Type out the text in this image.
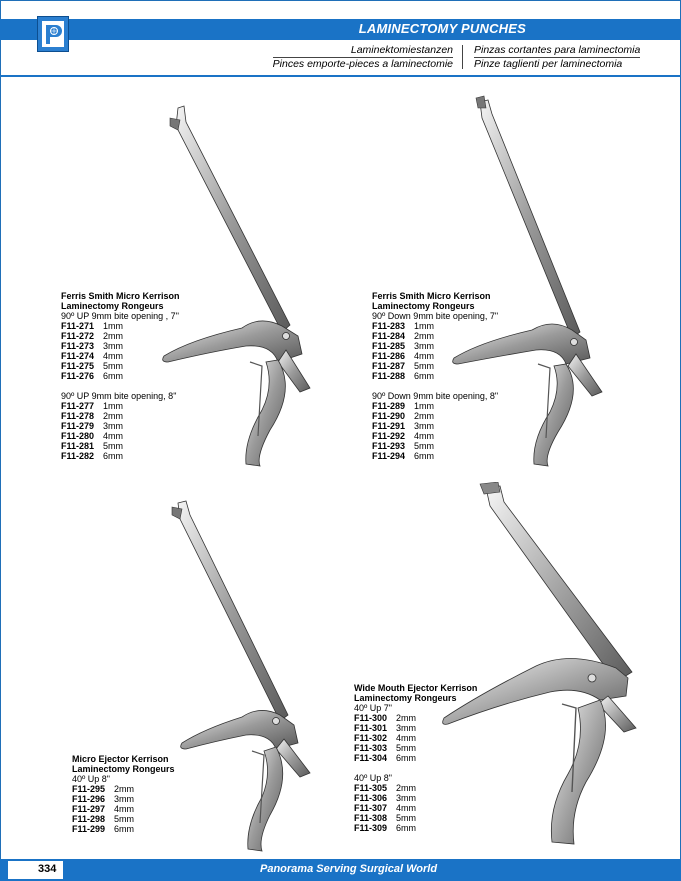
LAMINECTOMY PUNCHES
Laminektomiestanzen
Pinces emporte-pieces a laminectomie
Pinzas cortantes para laminectomia
Pinze taglienti per laminectomia
Ferris Smith Micro Kerrison
Laminectomy Rongeurs
90º UP 9mm bite opening , 7"
F11-271 1mm
F11-272 2mm
F11-273 3mm
F11-274 4mm
F11-275 5mm
F11-276 6mm
90º UP 9mm bite opening, 8"
F11-277 1mm
F11-278 2mm
F11-279 3mm
F11-280 4mm
F11-281 5mm
F11-282 6mm
Ferris Smith Micro Kerrison
Laminectomy Rongeurs
90º Down 9mm bite opening, 7"
F11-283 1mm
F11-284 2mm
F11-285 3mm
F11-286 4mm
F11-287 5mm
F11-288 6mm
90º Down 9mm bite opening, 8"
F11-289 1mm
F11-290 2mm
F11-291 3mm
F11-292 4mm
F11-293 5mm
F11-294 6mm
Micro Ejector Kerrison
Laminectomy Rongeurs
40º Up 8"
F11-295 2mm
F11-296 3mm
F11-297 4mm
F11-298 5mm
F11-299 6mm
Wide Mouth Ejector Kerrison
Laminectomy Rongeurs
40º Up 7"
F11-300 2mm
F11-301 3mm
F11-302 4mm
F11-303 5mm
F11-304 6mm
40º Up 8"
F11-305 2mm
F11-306 3mm
F11-307 4mm
F11-308 5mm
F11-309 6mm
Panorama Serving Surgical World
334
